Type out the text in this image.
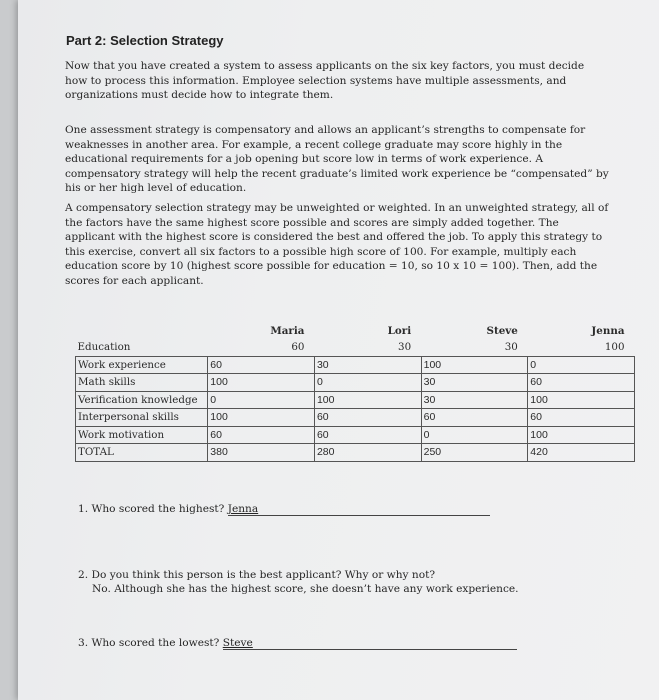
Part 2: Selection Strategy
Now that you have created a system to assess applicants on the six key factors, you must decide how to process this information. Employee selection systems have multiple assessments, and organizations must decide how to integrate them.
One assessment strategy is compensatory and allows an applicant’s strengths to compensate for weaknesses in another area. For example, a recent college graduate may score highly in the educational requirements for a job opening but score low in terms of work experience. A compensatory strategy will help the recent graduate’s limited work experience be “compensated” by his or her high level of education.
A compensatory selection strategy may be unweighted or weighted. In an unweighted strategy, all of the factors have the same highest score possible and scores are simply added together. The applicant with the highest score is considered the best and offered the job. To apply this strategy to this exercise, convert all six factors to a possible high score of 100. For example, multiply each education score by 10 (highest score possible for education = 10, so 10 x 10 = 100). Then, add the scores for each applicant.
	Maria	Lori	Steve	Jenna
Education	60	30	30	100
Work experience	60	30	100	0
Math skills	100	0	30	60
Verification knowledge	0	100	30	100
Interpersonal skills	100	60	60	60
Work motivation	60	60	0	100
TOTAL	380	280	250	420
1. Who scored the highest? Jenna
2. Do you think this person is the best applicant? Why or why not?
No. Although she has the highest score, she doesn’t have any work experience.
3. Who scored the lowest? Steve
